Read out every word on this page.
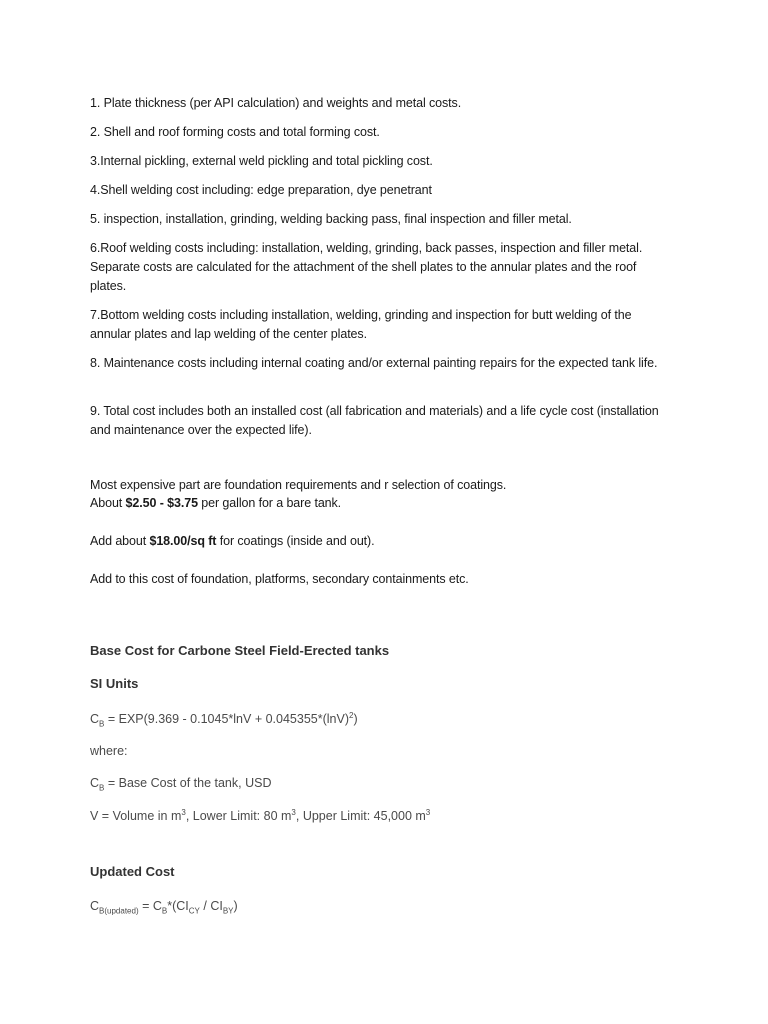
1. Plate thickness (per API calculation) and weights and metal costs.
2. Shell and roof forming costs and total forming cost.
3.Internal pickling, external weld pickling and total pickling cost.
4.Shell welding cost including: edge preparation, dye penetrant
5. inspection, installation, grinding, welding backing pass, final inspection and filler metal.
6.Roof welding costs including: installation, welding, grinding, back passes, inspection and filler metal. Separate costs are calculated for the attachment of the shell plates to the annular plates and the roof plates.
7.Bottom welding costs including installation, welding, grinding and inspection for butt welding of the annular plates and lap welding of the center plates.
8. Maintenance costs including internal coating and/or external painting repairs for the expected tank life.
9. Total cost includes both an installed cost (all fabrication and materials) and a life cycle cost (installation and maintenance over the expected life).
Most expensive part are foundation requirements and r selection of coatings.
About $2.50 - $3.75 per gallon for a bare tank.
Add about $18.00/sq ft for coatings (inside and out).
Add to this cost of foundation, platforms, secondary containments etc.
Base Cost for Carbone Steel Field-Erected tanks
SI Units
$C_B = EXP(9.369 - 0.1045*\ln V + 0.045355*(\ln V)^2)$
where:
$C_B$ = Base Cost of the tank, USD
V = Volume in $m^3$, Lower Limit: 80 $m^3$, Upper Limit: 45,000 $m^3$
Updated Cost
$C_{B(updated)} = C_B*(CI_{CY} / CI_{BY})$
